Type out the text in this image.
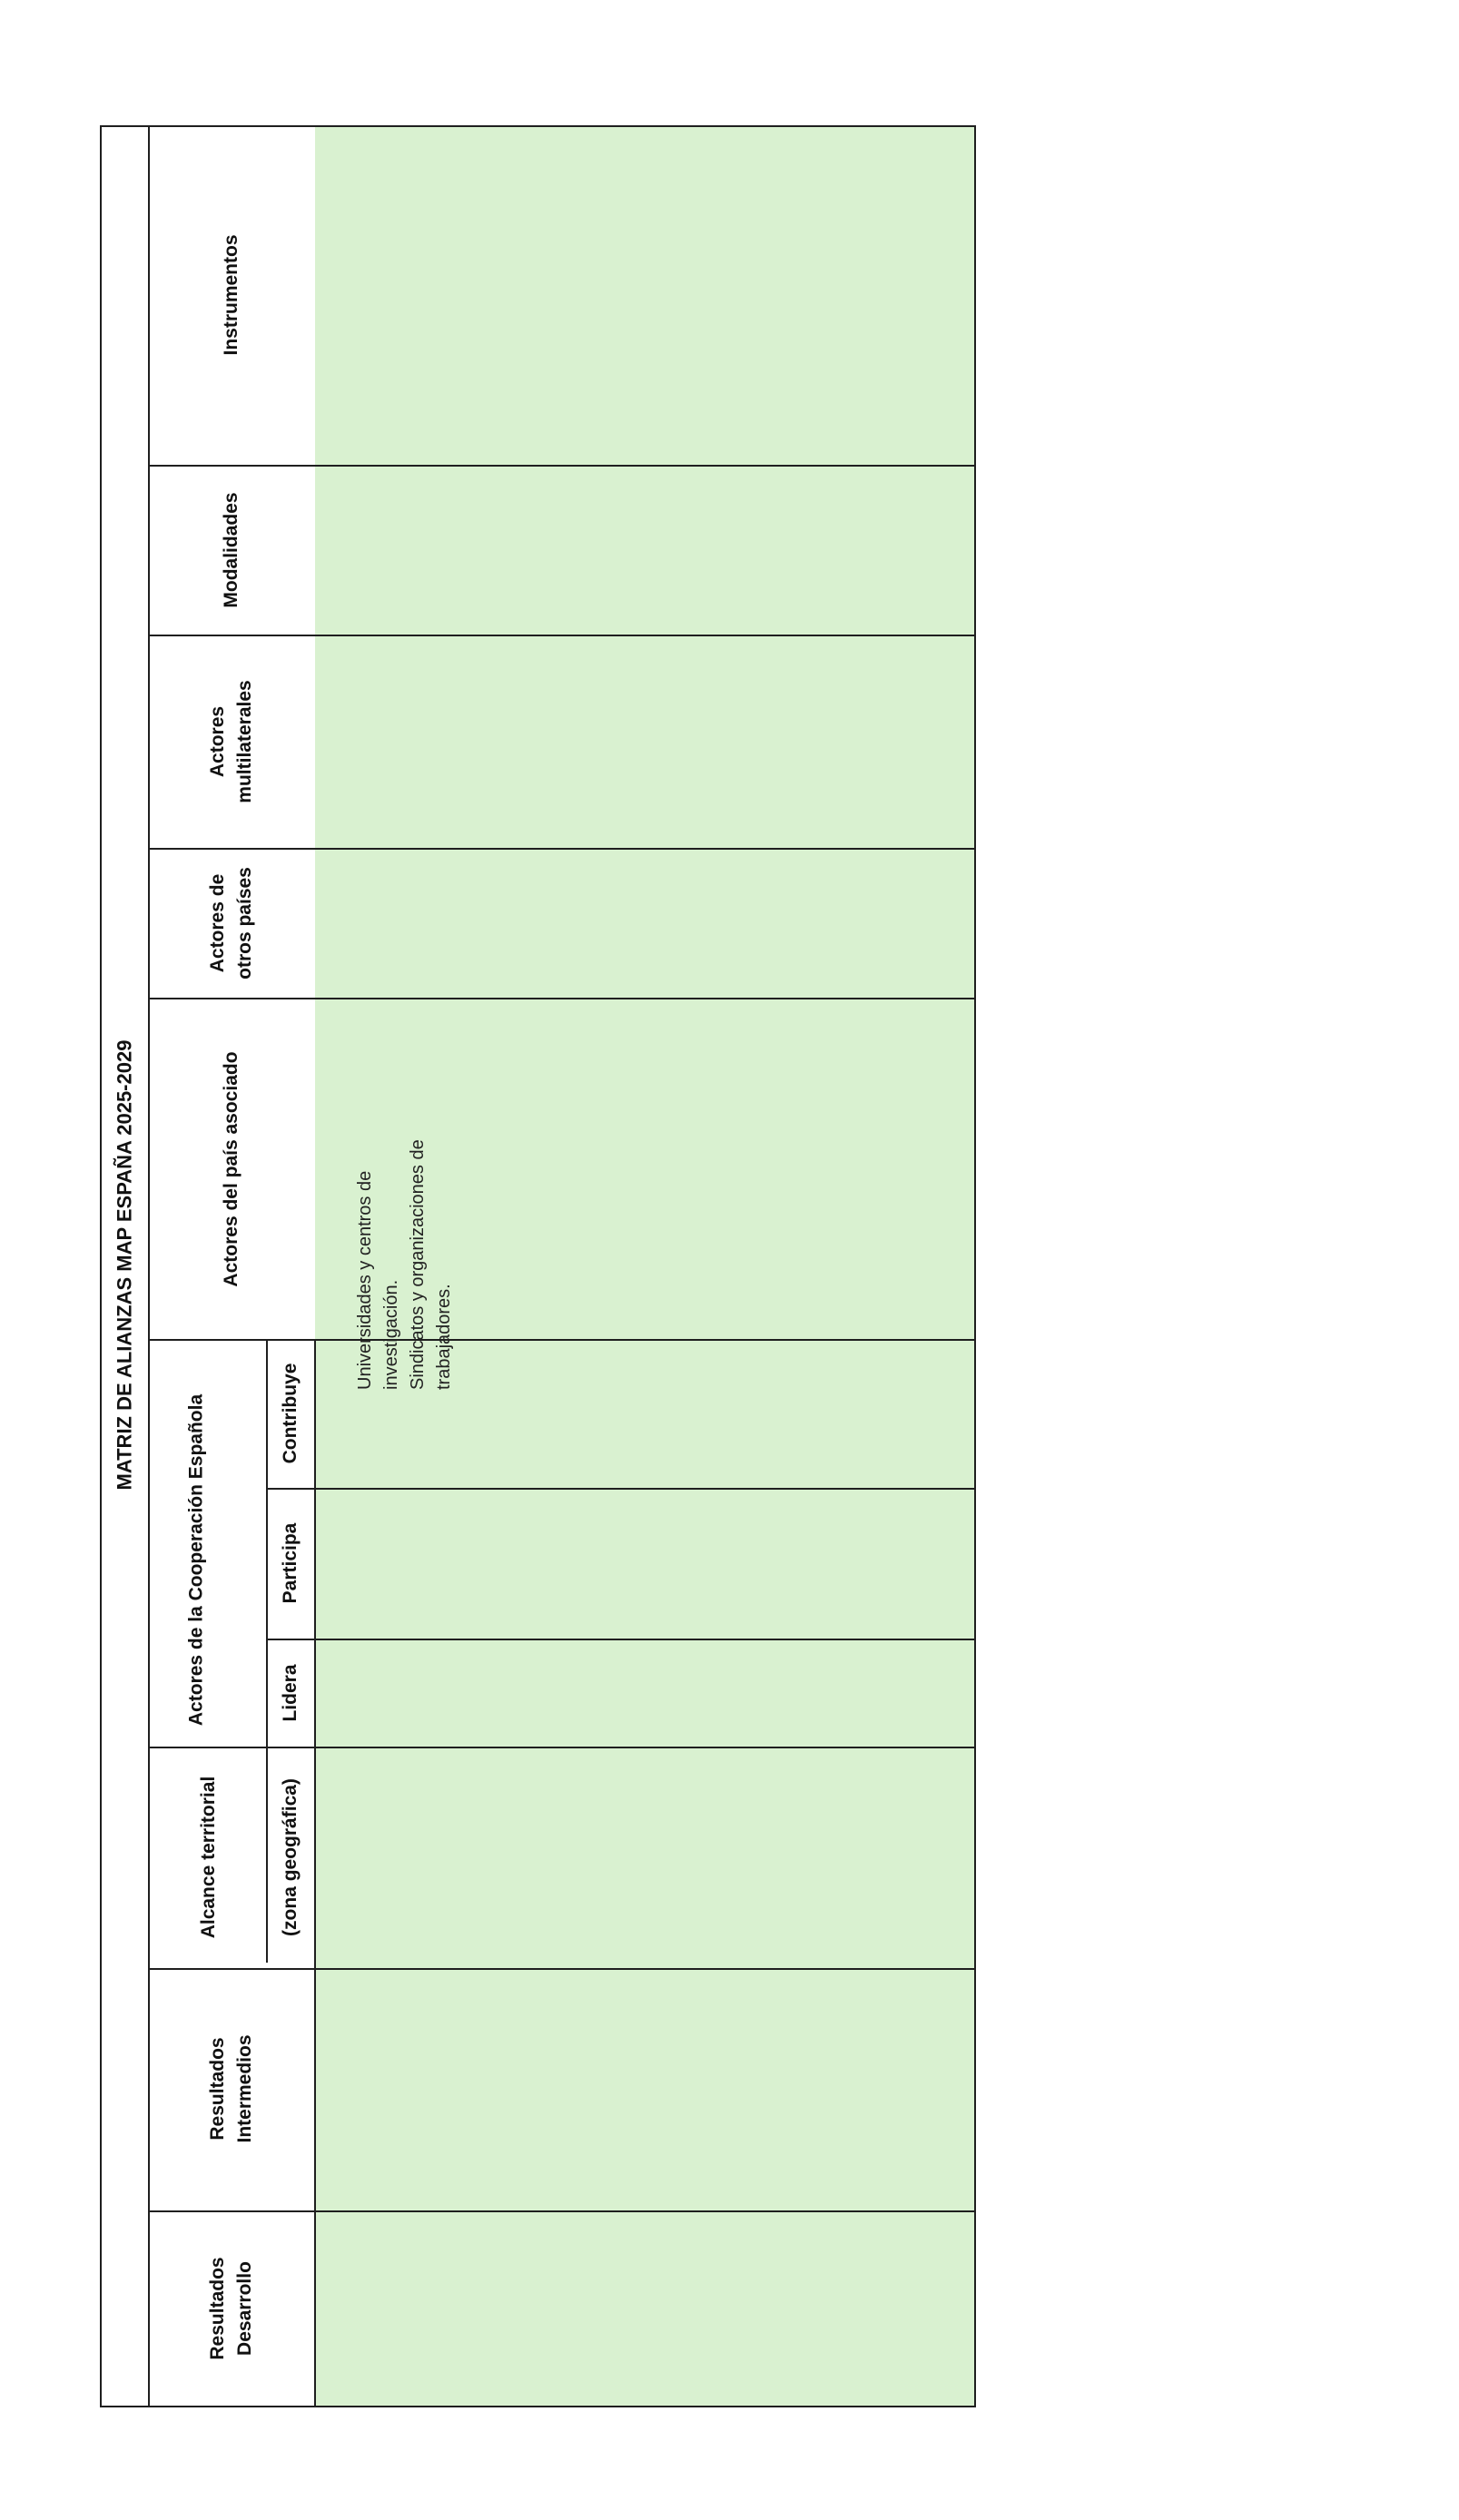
MATRIZ DE ALIANZAS MAP ESPAÑA 2025-2029
Instrumentos
Modalidades
Actores
multilaterales
Actores de
otros países
Actores del país asociado
Actores de la Cooperación Española	Contribuye
Participa
Lidera
Alcance territorial	(zona geográfica)
Resultados
Intermedios
Resultados
Desarrollo
Universidades y centros de
investigación.
Sindicatos y organizaciones de
trabajadores.
